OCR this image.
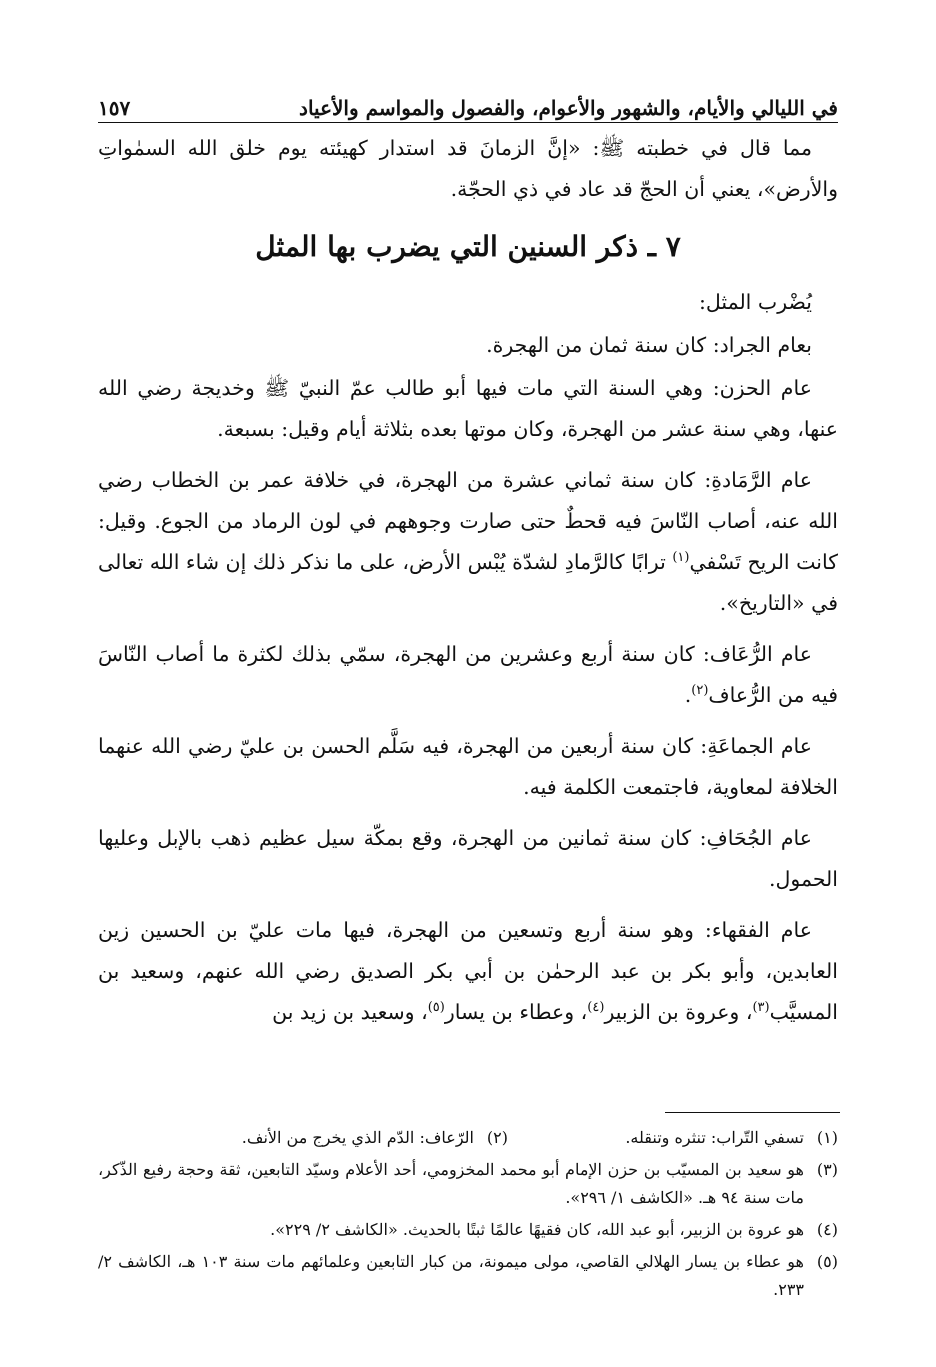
في الليالي والأيام، والشهور والأعوام، والفصول والمواسم والأعياد
١٥٧

مما قال في خطبته ﷺ: «إنَّ الزمانَ قد استدار كهيئته يوم خلق الله السمٰواتِ والأرض»، يعني أن الحجّ قد عاد في ذي الحجّة.

٧ ـ ذكر السنين التي يضرب بها المثل

يُضْرب المثل:

بعام الجراد: كان سنة ثمان من الهجرة.

عام الحزن: وهي السنة التي مات فيها أبو طالب عمّ النبيّ ﷺ وخديجة رضي الله عنها، وهي سنة عشر من الهجرة، وكان موتها بعده بثلاثة أيام وقيل: بسبعة.

عام الرَّمَادةِ: كان سنة ثماني عشرة من الهجرة، في خلافة عمر بن الخطاب رضي الله عنه، أصاب النّاسَ فيه قحطٌ حتى صارت وجوههم في لون الرماد من الجوع. وقيل: كانت الريح تَسْفي$^{(١)}$ ترابًا كالرَّمادِ لشدّة يُبْس الأرض، على ما نذكر ذلك إن شاء الله تعالى في «التاريخ».

عام الرُّعَاف: كان سنة أربع وعشرين من الهجرة، سمّي بذلك لكثرة ما أصاب النّاسَ فيه من الرُّعاف$^{(٢)}$.

عام الجماعَةِ: كان سنة أربعين من الهجرة، فيه سَلَّم الحسن بن عليّ رضي الله عنهما الخلافة لمعاوية، فاجتمعت الكلمة فيه.

عام الجُحَافِ: كان سنة ثمانين من الهجرة، وقع بمكّة سيل عظيم ذهب بالإبل وعليها الحمول.

عام الفقهاء: وهو سنة أربع وتسعين من الهجرة، فيها مات عليّ بن الحسين زين العابدين، وأبو بكر بن عبد الرحمٰن بن أبي بكر الصديق رضي الله عنهم، وسعيد بن المسيَّب$^{(٣)}$، وعروة بن الزبير$^{(٤)}$، وعطاء بن يسار$^{(٥)}$، وسعيد بن زيد بن

(١)
تسفي التّراب: تنثره وتنقله.
(٢)
الرّعاف: الدّم الذي يخرج من الأنف.
(٣)
هو سعيد بن المسيّب بن حزن الإمام أبو محمد المخزومي، أحد الأعلام وسيّد التابعين، ثقة وحجة رفيع الذّكر، مات سنة ٩٤ هـ. «الكاشف ١/ ٢٩٦».
(٤)
هو عروة بن الزبير، أبو عبد الله، كان فقيهًا عالمًا ثبتًا بالحديث. «الكاشف ٢/ ٢٢٩».
(٥)
هو عطاء بن يسار الهلالي القاصي، مولى ميمونة، من كبار التابعين وعلمائهم مات سنة ١٠٣ هـ، الكاشف ٢/ ٢٣٣.
